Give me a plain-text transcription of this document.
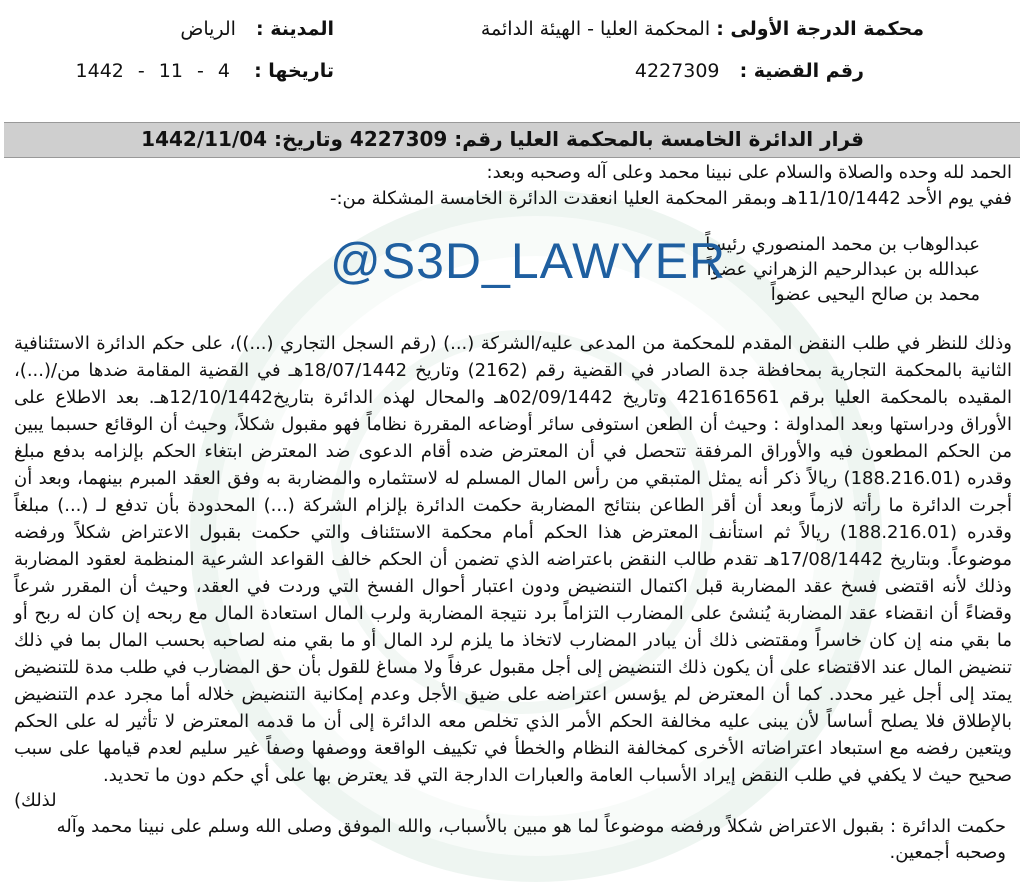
محكمة الدرجة الأولى : المحكمة العليا - الهيئة الدائمة
المدينة : الرياض
رقم القضية : 4227309
تاريخها : 1442 - 11 - 4
قرار الدائرة الخامسة بالمحكمة العليا رقم: 4227309 وتاريخ: 1442/11/04
الحمد لله وحده والصلاة والسلام على نبينا محمد وعلى آله وصحبه وبعد:
ففي يوم الأحد 11/10/1442هـ وبمقر المحكمة العليا انعقدت الدائرة الخامسة المشكلة من:-
عبدالوهاب بن محمد المنصوري رئيساً
عبدالله بن عبدالرحيم الزهراني عضواً
محمد بن صالح اليحيى عضواً
@S3D_LAWYER
وذلك للنظر في طلب النقض المقدم للمحكمة من المدعى عليه/الشركة (...) (رقم السجل التجاري (...))، على حكم الدائرة الاستئنافية الثانية بالمحكمة التجارية بمحافظة جدة الصادر في القضية رقم (2162) وتاريخ 18/07/1442هـ في القضية المقامة ضدها من/(...)، المقيده بالمحكمة العليا برقم 421616561 وتاريخ 02/09/1442هـ والمحال لهذه الدائرة بتاريخ12/10/1442هـ. بعد الاطلاع على الأوراق ودراستها وبعد المداولة : وحيث أن الطعن استوفى سائر أوضاعه المقررة نظاماً فهو مقبول شكلاً، وحيث أن الوقائع حسبما يبين من الحكم المطعون فيه والأوراق المرفقة تتحصل في أن المعترض ضده أقام الدعوى ضد المعترض ابتغاء الحكم بإلزامه بدفع مبلغ وقدره (188.216.01) ريالاً ذكر أنه يمثل المتبقي من رأس المال المسلم له لاستثماره والمضاربة به وفق العقد المبرم بينهما، وبعد أن أجرت الدائرة ما رأته لازماً وبعد أن أقر الطاعن بنتائج المضاربة حكمت الدائرة بإلزام الشركة (...) المحدودة بأن تدفع لـ (...) مبلغاً وقدره (188.216.01) ريالاً ثم استأنف المعترض هذا الحكم أمام محكمة الاستئناف والتي حكمت بقبول الاعتراض شكلاً ورفضه موضوعاً. وبتاريخ 17/08/1442هـ تقدم طالب النقض باعتراضه الذي تضمن أن الحكم خالف القواعد الشرعية المنظمة لعقود المضاربة وذلك لأنه اقتضى فسخ عقد المضاربة قبل اكتمال التنضيض ودون اعتبار أحوال الفسخ التي وردت في العقد، وحيث أن المقرر شرعاً وقضاءً أن انقضاء عقد المضاربة يُنشئ على المضارب التزاماً برد نتيجة المضاربة ولرب المال استعادة المال مع ربحه إن كان له ربح أو ما بقي منه إن كان خاسراً ومقتضى ذلك أن يبادر المضارب لاتخاذ ما يلزم لرد المال أو ما بقي منه لصاحبه بحسب المال بما في ذلك تنضيض المال عند الاقتضاء على أن يكون ذلك التنضيض إلى أجل مقبول عرفاً ولا مساغ للقول بأن حق المضارب في طلب مدة للتنضيض يمتد إلى أجل غير محدد. كما أن المعترض لم يؤسس اعتراضه على ضيق الأجل وعدم إمكانية التنضيض خلاله أما مجرد عدم التنضيض بالإطلاق فلا يصلح أساساً لأن يبنى عليه مخالفة الحكم الأمر الذي تخلص معه الدائرة إلى أن ما قدمه المعترض لا تأثير له على الحكم ويتعين رفضه مع استبعاد اعتراضاته الأخرى كمخالفة النظام والخطأ في تكييف الواقعة ووصفها وصفاً غير سليم لعدم قيامها على سبب صحيح حيث لا يكفي في طلب النقض إيراد الأسباب العامة والعبارات الدارجة التي قد يعترض بها على أي حكم دون ما تحديد.
(لذلك
حكمت الدائرة : بقبول الاعتراض شكلاً ورفضه موضوعاً لما هو مبين بالأسباب، والله الموفق وصلى الله وسلم على نبينا محمد وآله وصحبه أجمعين.
